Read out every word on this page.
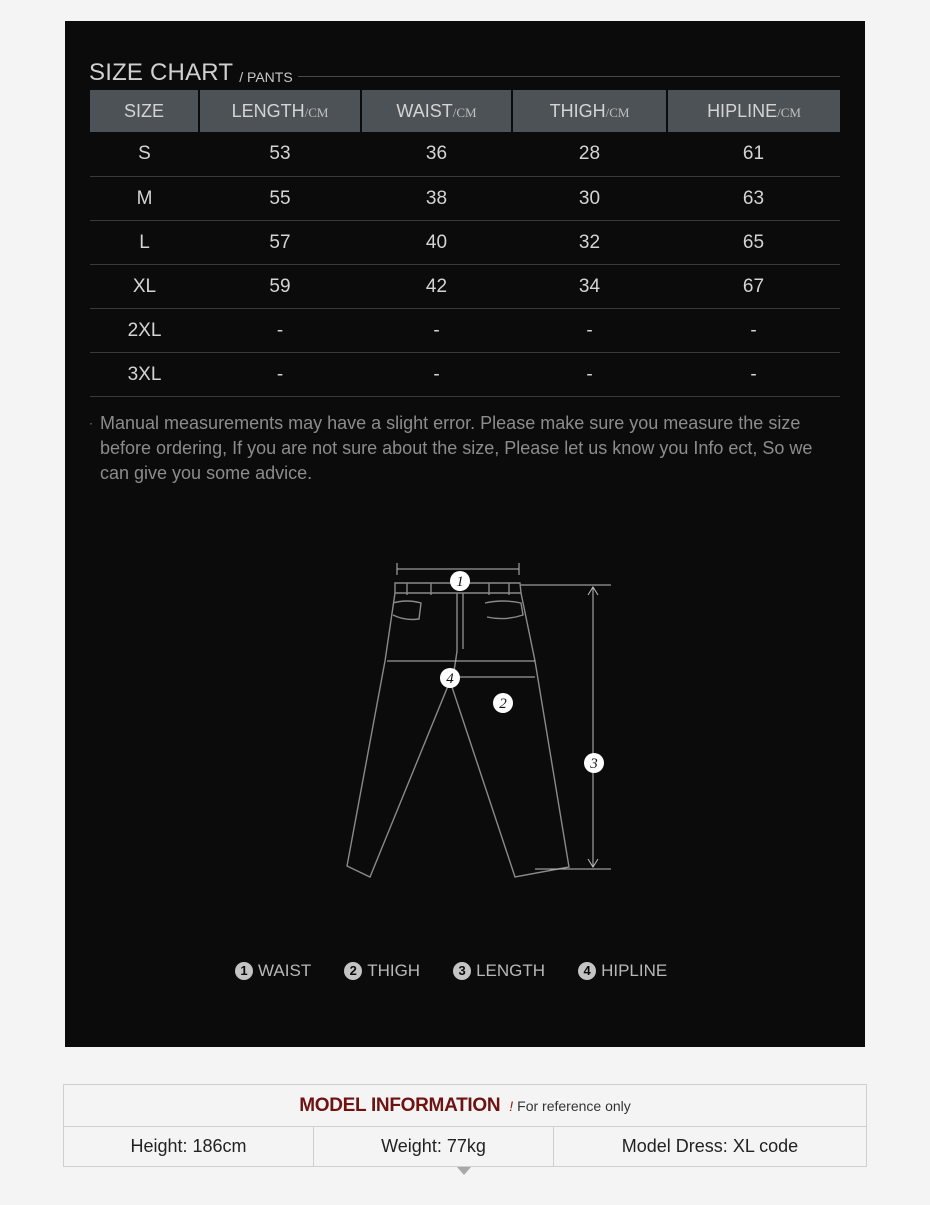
SIZE CHART / PANTS
SIZE	LENGTH/CM	WAIST/CM	THIGH/CM	HIPLINE/CM
S	53	36	28	61
M	55	38	30	63
L	57	40	32	65
XL	59	42	34	67
2XL	-	-	-	-
3XL	-	-	-	-
· Manual measurements may have a slight error. Please make sure you measure the size before ordering, If you are not sure about the size, Please let us know you Info ect, So we can give you some advice.
1
2
3
4
1 WAIST	2 THIGH	3 LENGTH	4 HIPLINE
MODEL INFORMATION ! For reference only
Height: 186cm	Weight: 77kg	Model Dress: XL code
